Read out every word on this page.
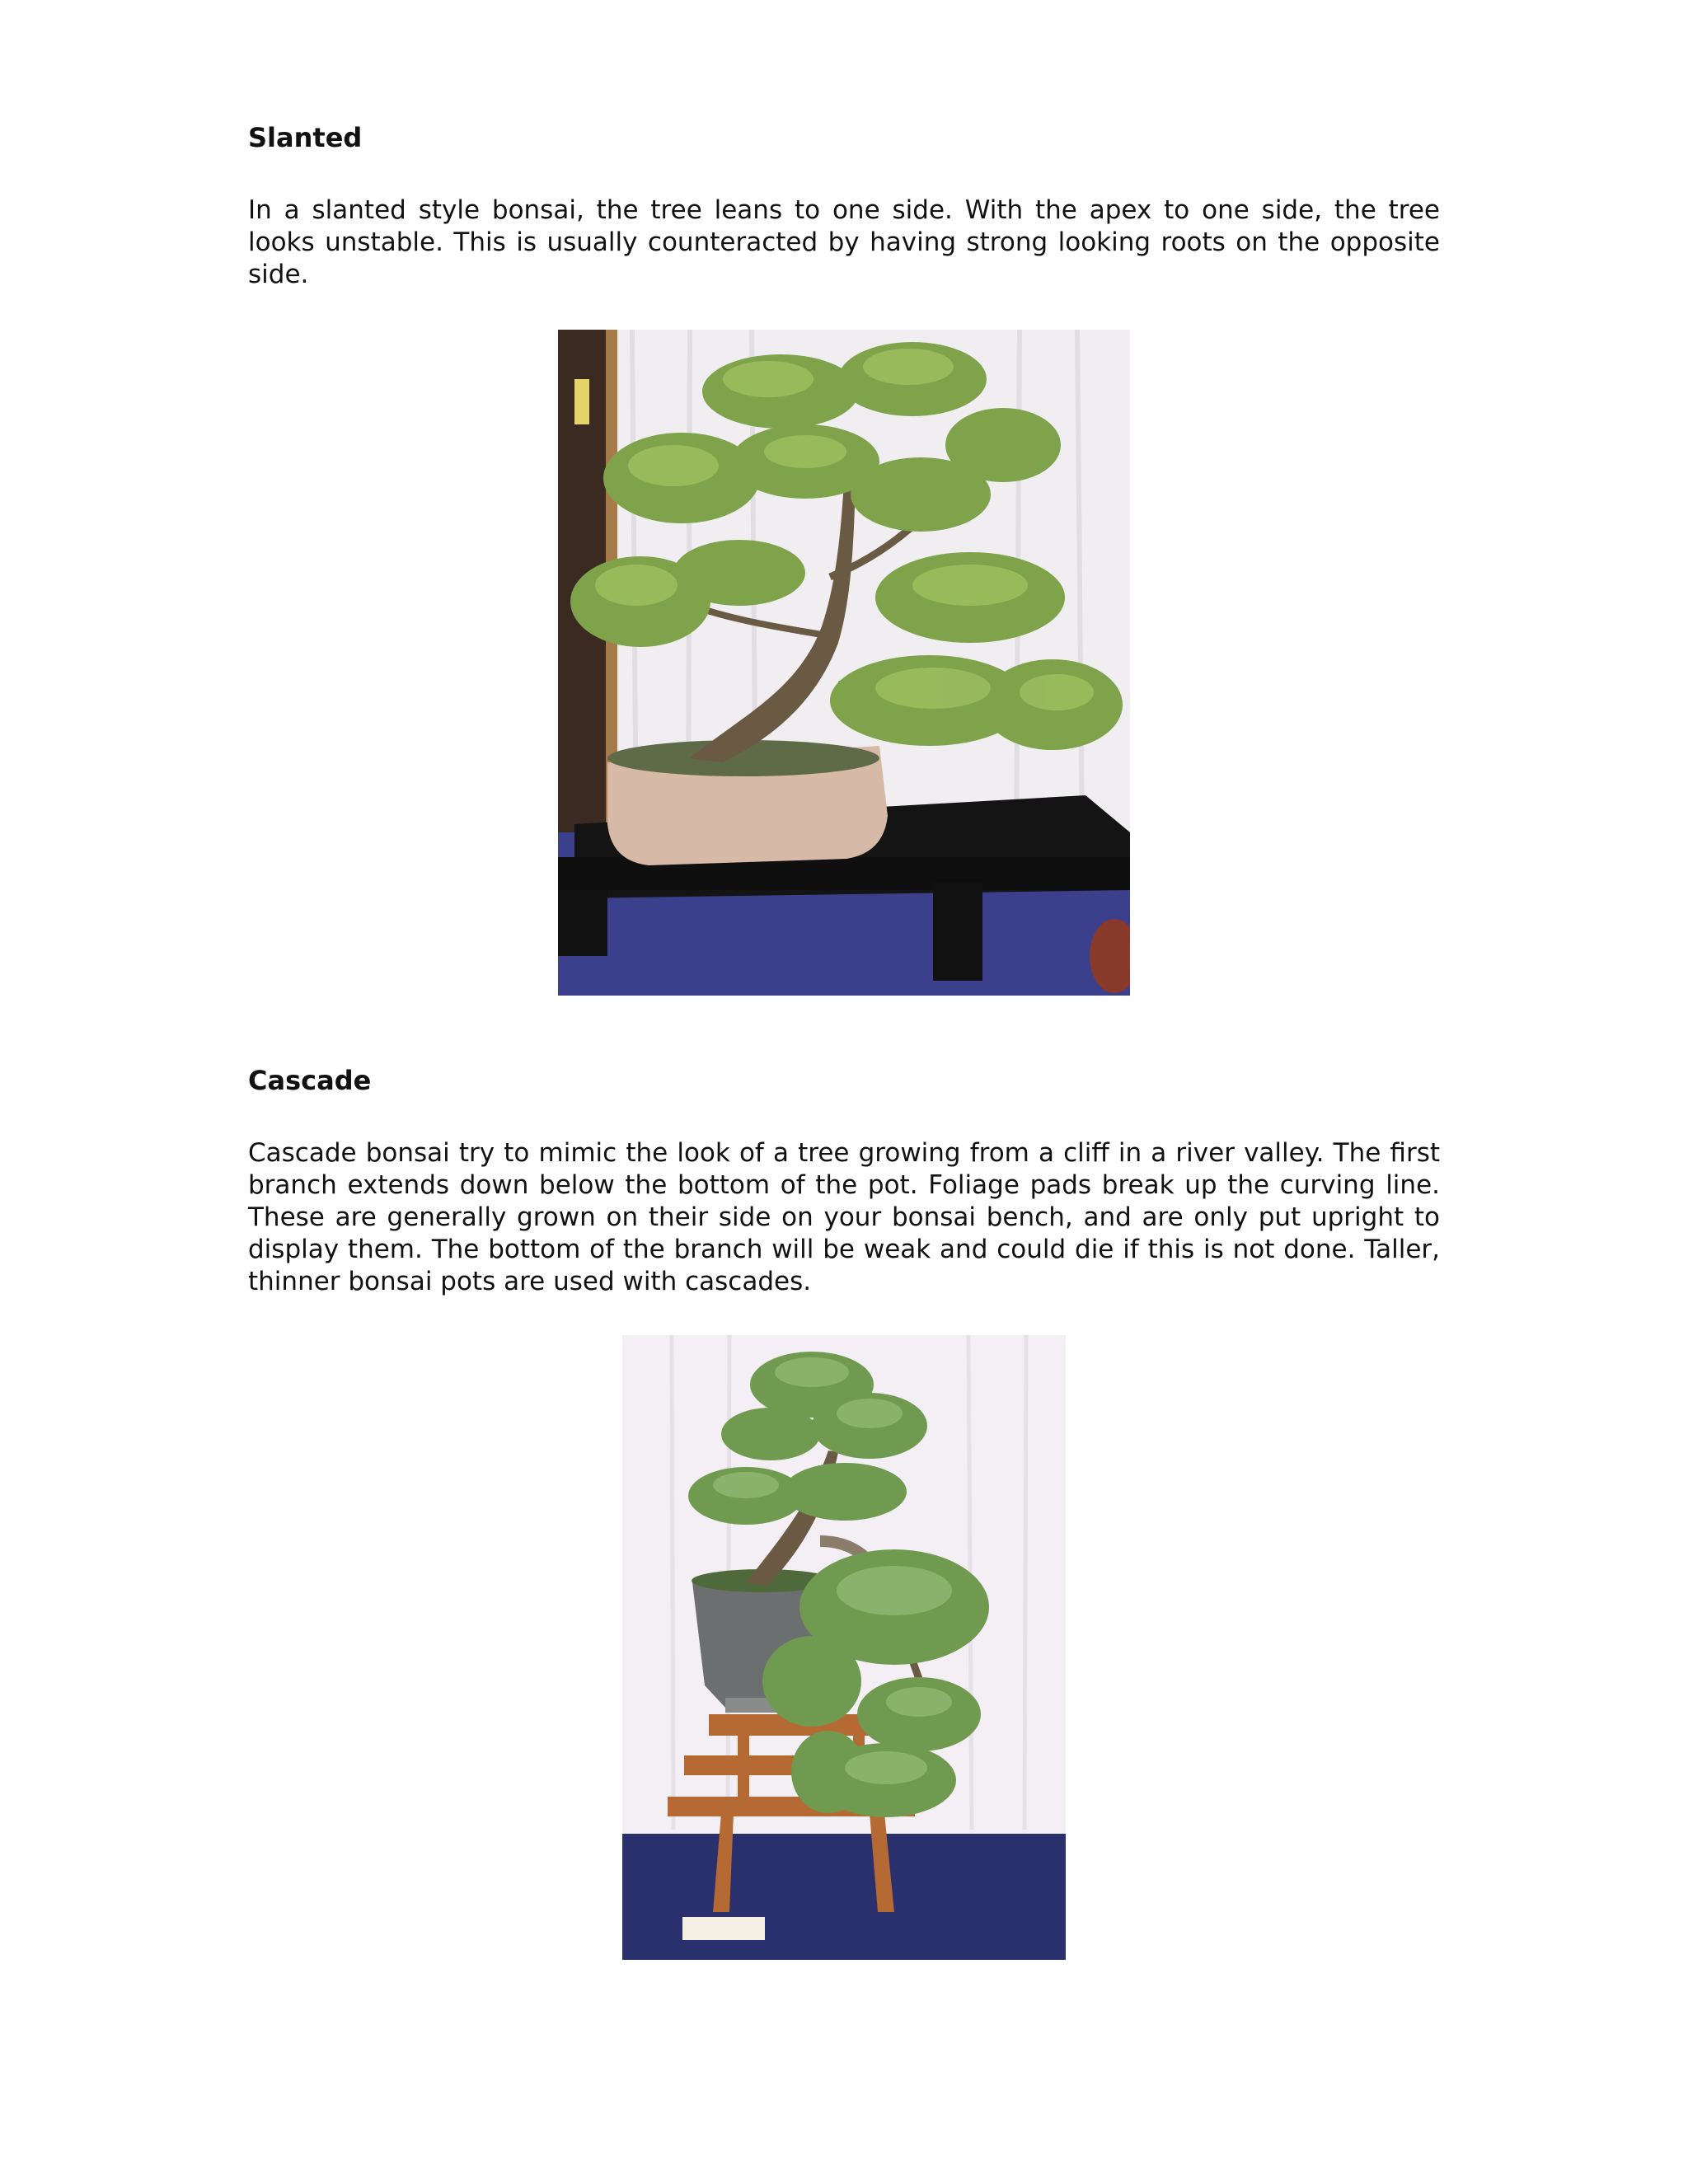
Slanted

In a slanted style bonsai, the tree leans to one side. With the apex to one side, the tree looks unstable. This is usually counteracted by having strong looking roots on the opposite side.

Cascade

Cascade bonsai try to mimic the look of a tree growing from a cliff in a river valley. The first branch extends down below the bottom of the pot. Foliage pads break up the curving line. These are generally grown on their side on your bonsai bench, and are only put upright to display them. The bottom of the branch will be weak and could die if this is not done. Taller, thinner bonsai pots are used with cascades.
